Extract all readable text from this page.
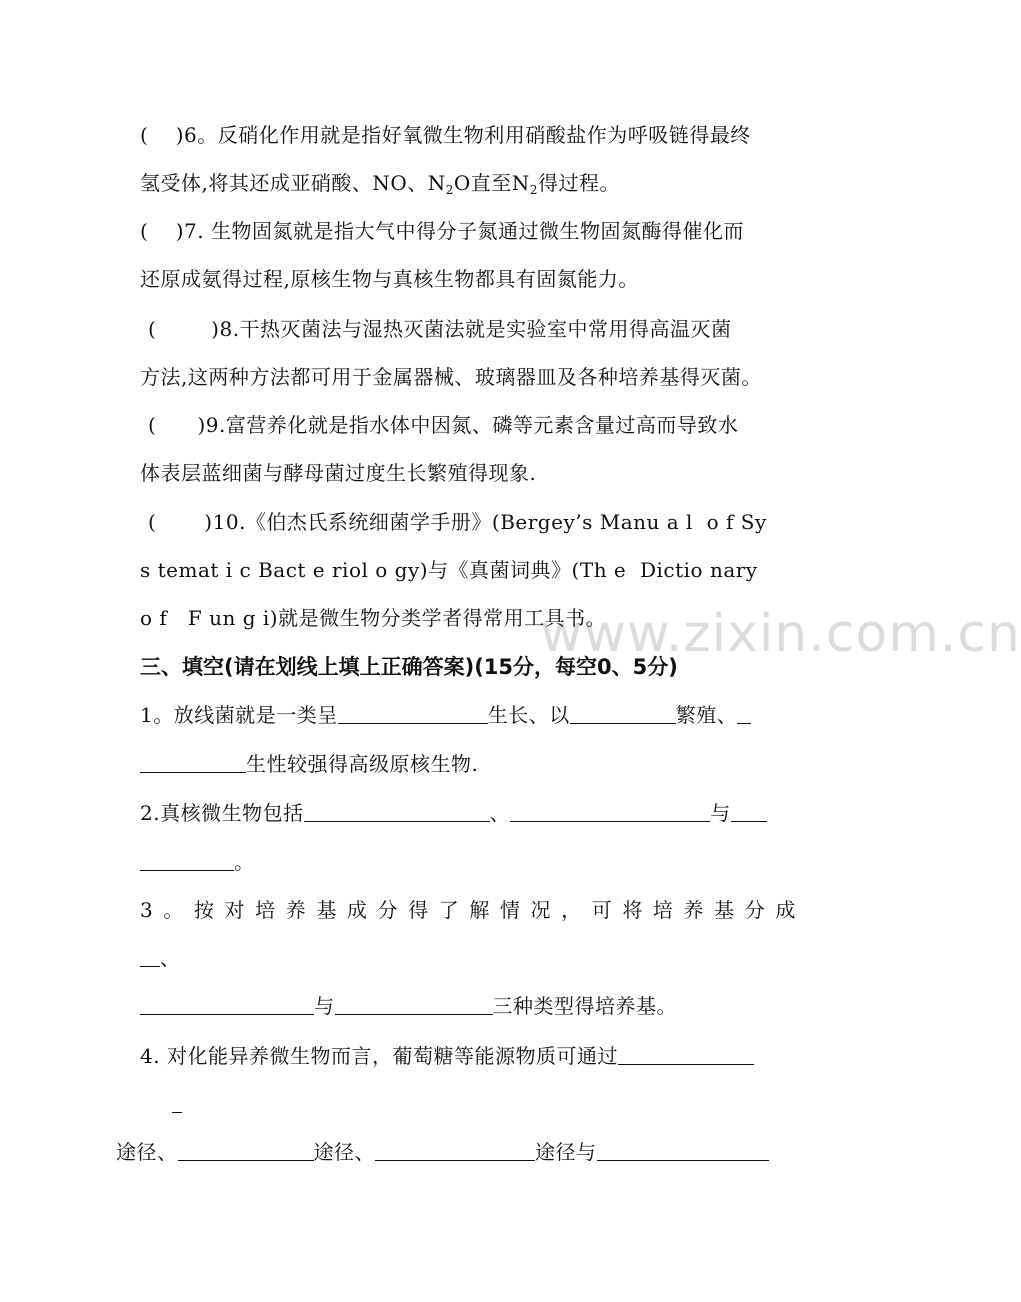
www.zixin.com.cn
(    )6。反硝化作用就是指好氧微生物利用硝酸盐作为呼吸链得最终
氢受体,将其还成亚硝酸、NO、$N_2O$直至$N_2$得过程。
(    )7. 生物固氮就是指大气中得分子氮通过微生物固氮酶得催化而
还原成氨得过程,原核生物与真核生物都具有固氮能力。
(        )8.干热灭菌法与湿热灭菌法就是实验室中常用得高温灭菌
方法,这两种方法都可用于金属器械、玻璃器皿及各种培养基得灭菌。
(      )9.富营养化就是指水体中因氮、磷等元素含量过高而导致水
体表层蓝细菌与酵母菌过度生长繁殖得现象.
(       )10.《伯杰氏系统细菌学手册》(Bergey’s Manu a l  o f Sy
s temat i c Bact e riol o gy)与《真菌词典》(Th e  Dictio nary
o f   F un g i)就是微生物分类学者得常用工具书。
三、填空(请在划线上填上正确答案)(15分，每空0、5分)
1。放线菌就是一类呈	生长、以	繁殖、
生性较强得高级原核生物.
2.真核微生物包括	、	与
。
3。按对培养基成分得了解情况，可将培养基分成
、
与	三种类型得培养基。
4. 对化能异养微生物而言，葡萄糖等能源物质可通过
途径、	途径、	途径与
